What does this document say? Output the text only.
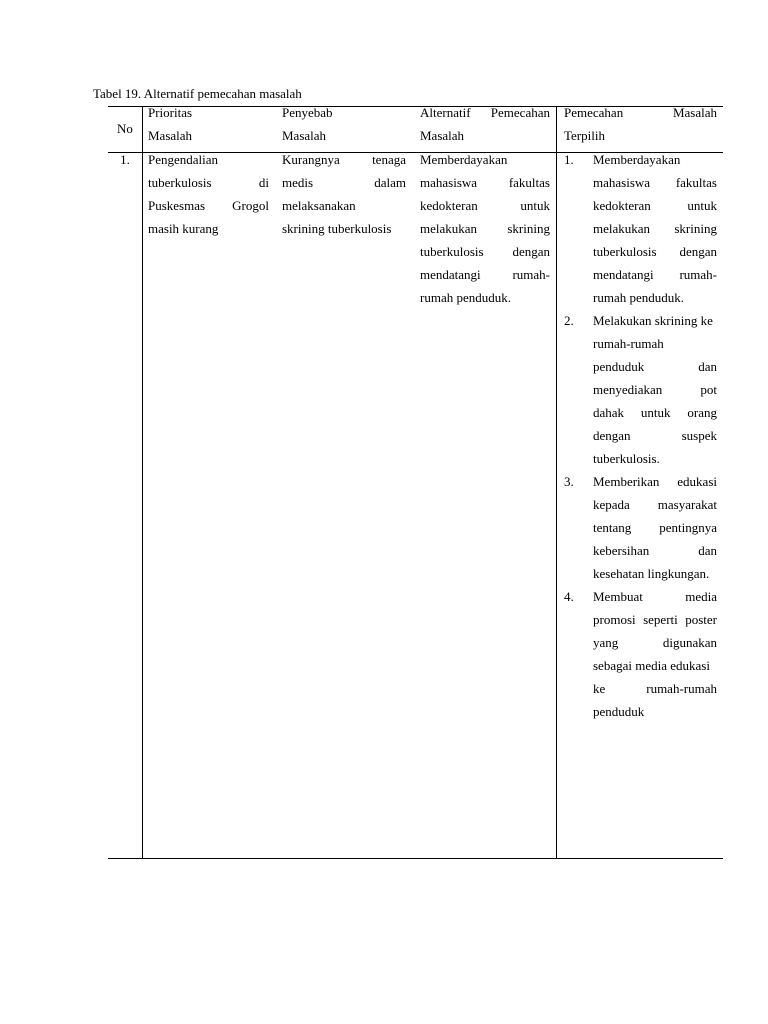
Tabel 19. Alternatif pemecahan masalah
No
Prioritas
Masalah
Penyebab
Masalah
Alternatif Pemecahan
Masalah
Pemecahan Masalah
Terpilih
1.	Pengendalian
tuberkulosis di
Puskesmas Grogol
masih kurang
Kurangnya tenaga
medis dalam
melaksanakan
skrining tuberkulosis
Memberdayakan
mahasiswa fakultas
kedokteran untuk
melakukan skrining
tuberkulosis dengan
mendatangi rumah-
rumah penduduk.
1. Memberdayakan
mahasiswa fakultas
kedokteran untuk
melakukan skrining
tuberkulosis dengan
mendatangi rumah-
rumah penduduk.
2. Melakukan skrining ke
rumah-rumah
penduduk dan
menyediakan pot
dahak untuk orang
dengan suspek
tuberkulosis.
3. Memberikan edukasi
kepada masyarakat
tentang pentingnya
kebersihan dan
kesehatan lingkungan.
4. Membuat media
promosi seperti poster
yang digunakan
sebagai media edukasi
ke rumah-rumah
penduduk
